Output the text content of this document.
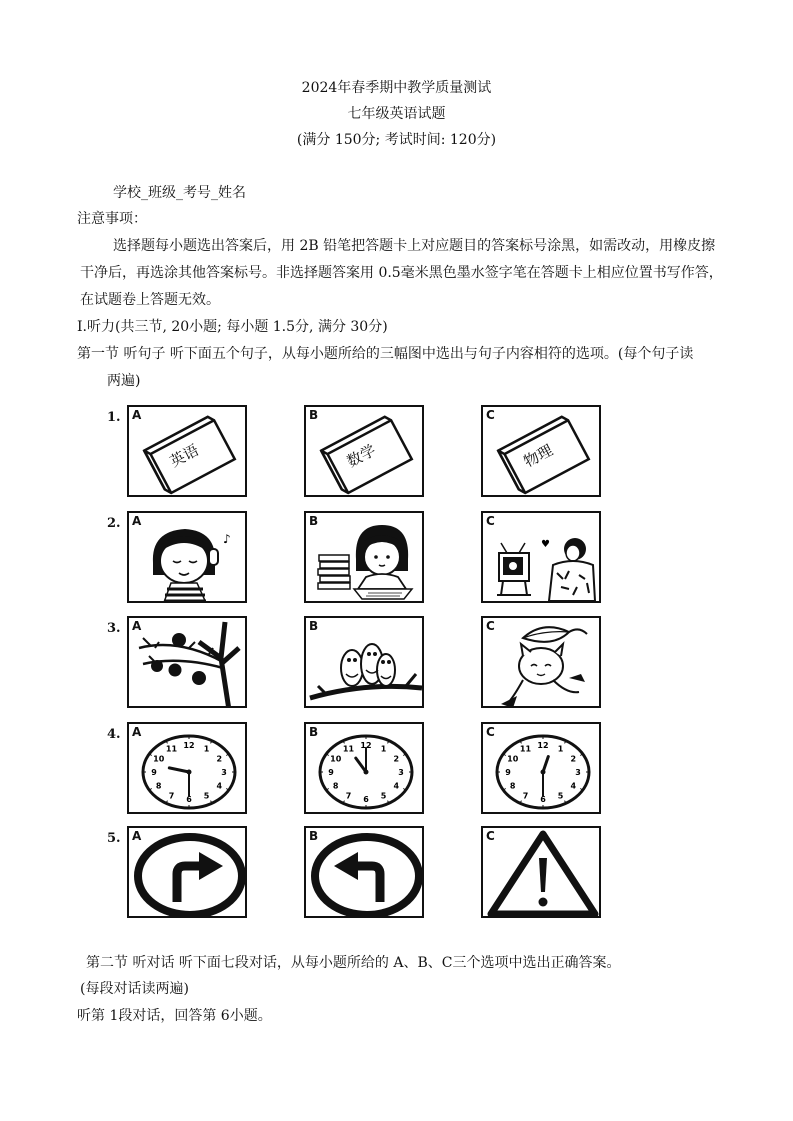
2024年春季期中教学质量测试
七年级英语试题
(满分 150分; 考试时间: 120分)
学校_班级_考号_姓名
注意事项：
选择题每小题选出答案后，用 2B 铅笔把答题卡上对应题目的答案标号涂黑，如需改动，用橡皮擦
干净后，再选涂其他答案标号。非选择题答案用 0.5毫米黑色墨水签字笔在答题卡上相应位置书写作答，
在试题卷上答题无效。
Ⅰ.听力(共三节, 20小题; 每小题 1.5分, 满分 30分)
第一节 听句子 听下面五个句子，从每小题所给的三幅图中选出与句子内容相符的选项。(每个句子读
两遍)
1. A
英语
B
数学
C
物理
2. A
♪
B	C
♥
3. A	B	C
4. A
1
2
3
4
5
6
7
8
9
10
11 12
B
1
2
3
4
5
6
7
8
9
10
11 12
C
1
2
3
4
5
6
7
8
9
10
11 12
5. A	B	C
第二节 听对话 听下面七段对话，从每小题所给的 A、B、C三个选项中选出正确答案。
(每段对话读两遍)
听第 1段对话，回答第 6小题。
